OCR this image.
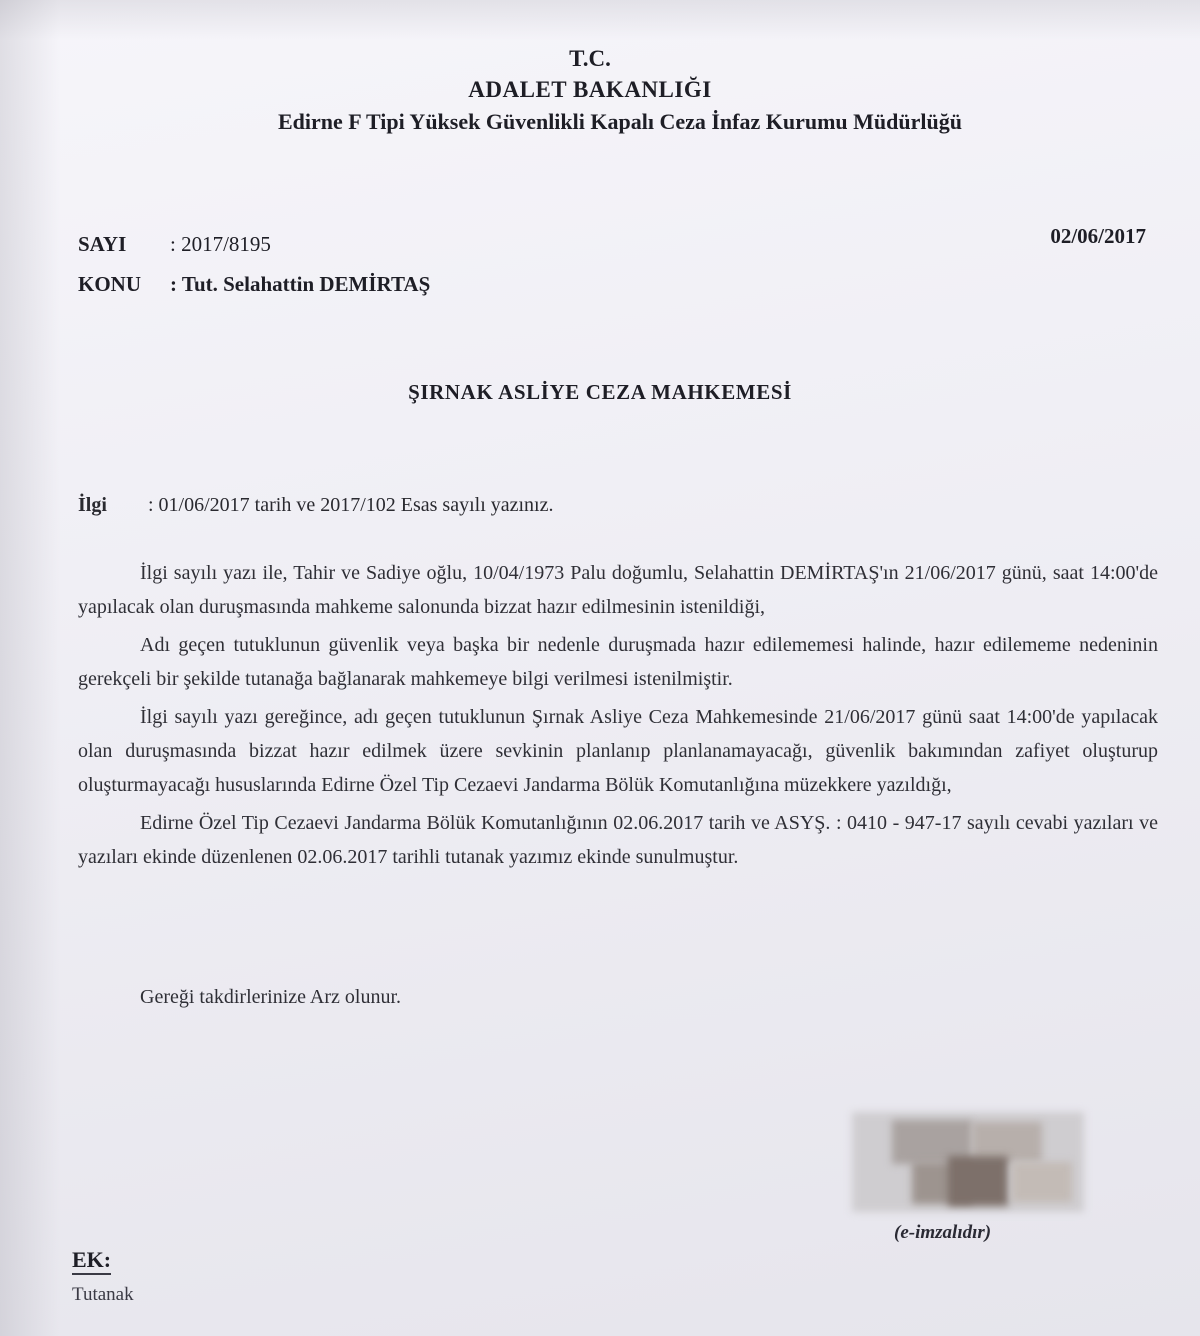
T.C.
ADALET BAKANLIĞI
Edirne F Tipi Yüksek Güvenlikli Kapalı Ceza İnfaz Kurumu Müdürlüğü
SAYI : 2017/8195
KONU : Tut. Selahattin DEMİRTAŞ
02/06/2017
ŞIRNAK ASLİYE CEZA MAHKEMESİ
İlgi : 01/06/2017 tarih ve 2017/102 Esas sayılı yazınız.

İlgi sayılı yazı ile, Tahir ve Sadiye oğlu, 10/04/1973 Palu doğumlu, Selahattin DEMİRTAŞ'ın 21/06/2017 günü, saat 14:00'de yapılacak olan duruşmasında mahkeme salonunda bizzat hazır edilmesinin istenildiği,

Adı geçen tutuklunun güvenlik veya başka bir nedenle duruşmada hazır edilememesi halinde, hazır edilememe nedeninin gerekçeli bir şekilde tutanağa bağlanarak mahkemeye bilgi verilmesi istenilmiştir.

İlgi sayılı yazı gereğince, adı geçen tutuklunun Şırnak Asliye Ceza Mahkemesinde 21/06/2017 günü saat 14:00'de yapılacak olan duruşmasında bizzat hazır edilmek üzere sevkinin planlanıp planlanamayacağı, güvenlik bakımından zafiyet oluşturup oluşturmayacağı hususlarında Edirne Özel Tip Cezaevi Jandarma Bölük Komutanlığına müzekkere yazıldığı,

Edirne Özel Tip Cezaevi Jandarma Bölük Komutanlığının 02.06.2017 tarih ve ASYŞ. : 0410 - 947-17 sayılı cevabi yazıları ve yazıları ekinde düzenlenen 02.06.2017 tarihli tutanak yazımız ekinde sunulmuştur.

Gereği takdirlerinize Arz olunur.
(e-imzalıdır)
EK:
Tutanak
